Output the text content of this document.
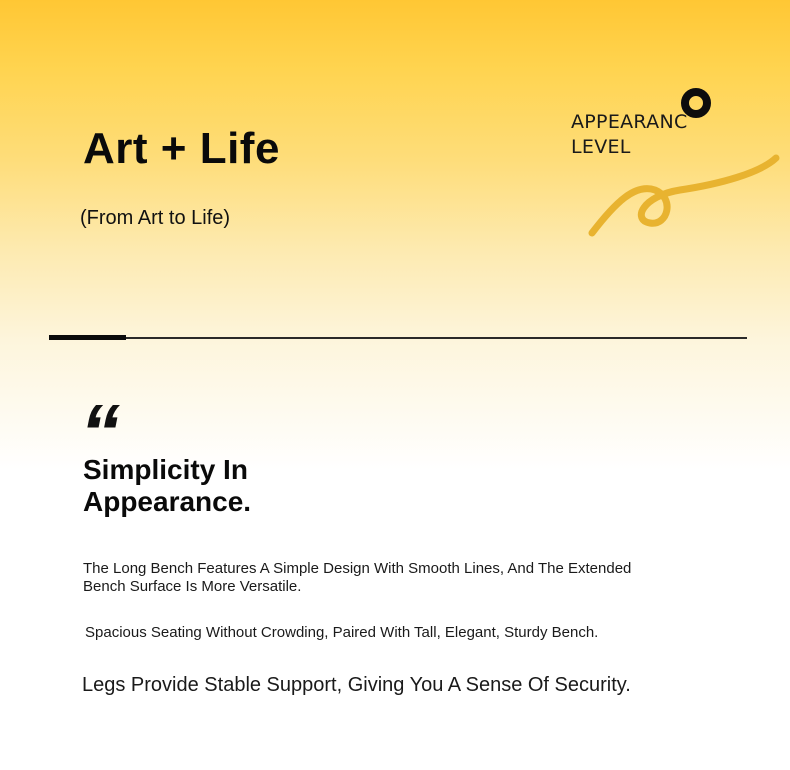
Art + Life
(From Art to Life)
APPEARANC
LEVEL
“
Simplicity In
Appearance.
The Long Bench Features A Simple Design With Smooth Lines, And The Extended Bench Surface Is More Versatile.
Spacious Seating Without Crowding, Paired With Tall, Elegant, Sturdy Bench.
Legs Provide Stable Support, Giving You A Sense Of Security.
